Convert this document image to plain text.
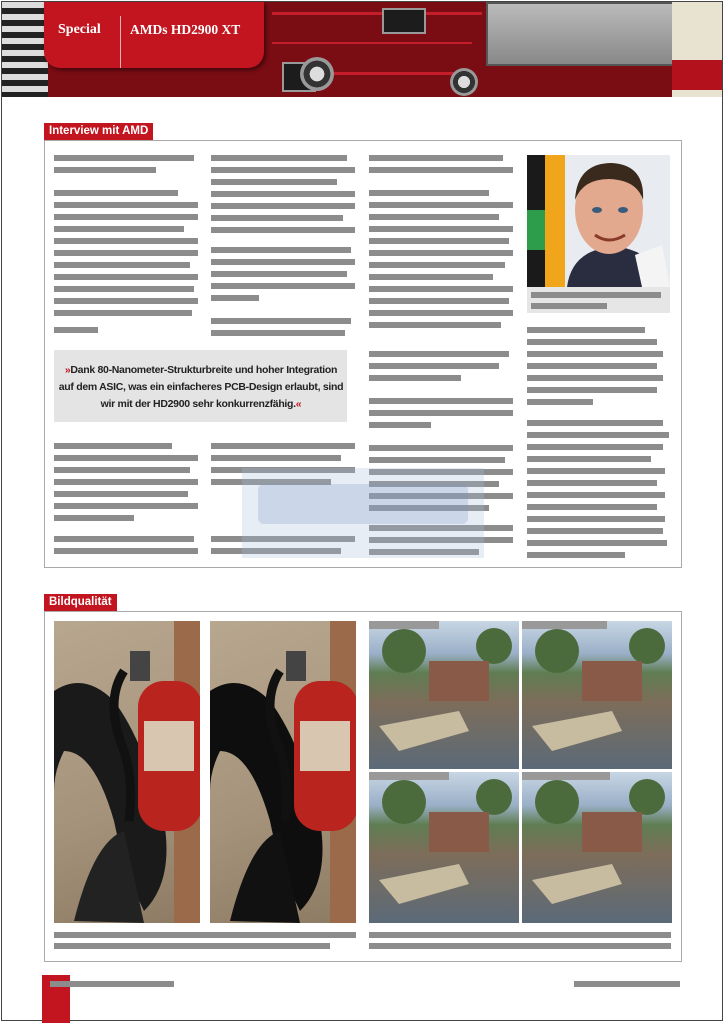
Special AMDs HD2900 XT
Interview mit AMD
»Dank 80-Nanometer-Strukturbreite und hoher Integration auf dem ASIC, was ein einfacheres PCB-Design erlaubt, sind wir mit der HD2900 sehr konkurrenzfähig.«
Bildqualität
